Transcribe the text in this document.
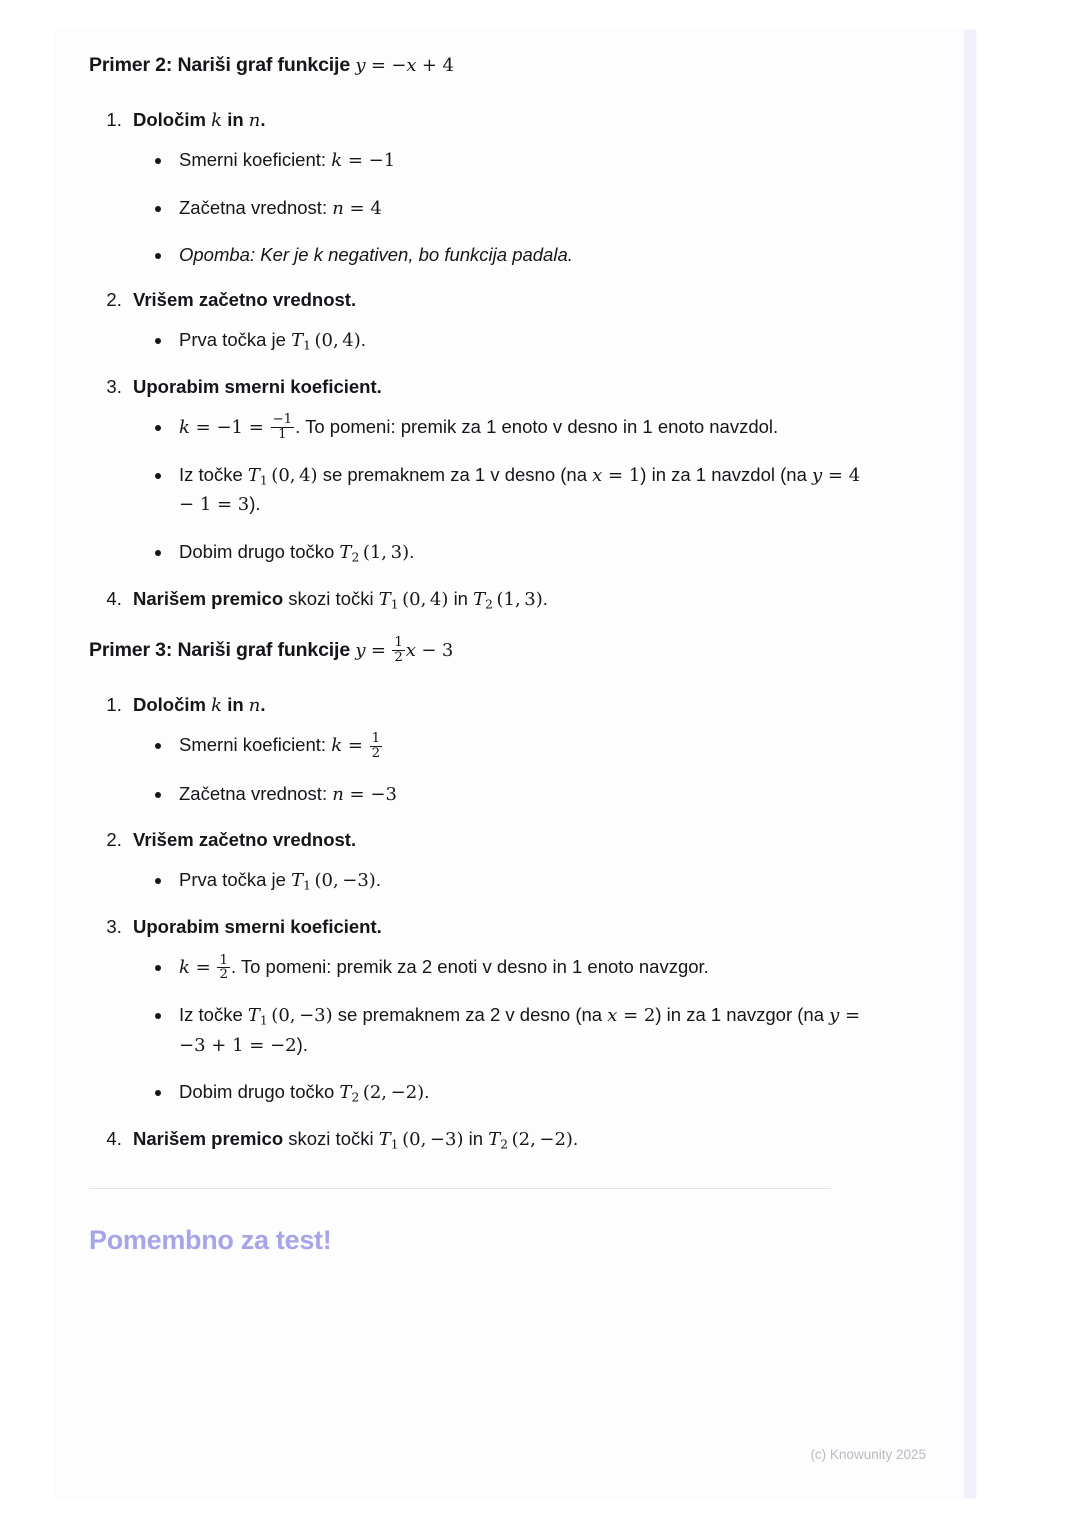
Primer 2: Nariši graf funkcije y = −x + 4

1. Določim k in n.
• Smerni koeficient: k = −1
• Začetna vrednost: n = 4
• Opomba: Ker je k negativen, bo funkcija padala.
2. Vrišem začetno vrednost.
• Prva točka je $T_1$ (0, 4).
3. Uporabim smerni koeficient.
• $k = -1 = \frac{-1}{1}$ . To pomeni: premik za 1 enoto v desno in 1 enoto navzdol.
• Iz točke $T_1$ (0, 4) se premaknem za 1 v desno (na x = 1) in za 1 navzdol (na y = 4 − 1 = 3).
• Dobim drugo točko $T_2$ (1, 3).
4. Narišem premico skozi točki $T_1$ (0, 4) in $T_2$ (1, 3).

Primer 3: Nariši graf funkcije $y = \frac{1}{2}$ x − 3

1. Določim k in n.
• Smerni koeficient: $k = \frac{1}{2}$
• Začetna vrednost: n = −3
2. Vrišem začetno vrednost.
• Prva točka je $T_1$ (0, −3).
3. Uporabim smerni koeficient.
• $k = \frac{1}{2}$ . To pomeni: premik za 2 enoti v desno in 1 enoto navzgor.
• Iz točke $T_1$ (0, −3) se premaknem za 2 v desno (na x = 2) in za 1 navzgor (na y = −3 + 1 = −2).
• Dobim drugo točko $T_2$ (2, −2).
4. Narišem premico skozi točki $T_1$ (0, −3) in $T_2$ (2, −2).
Pomembno za test!
(c) Knowunity 2025
